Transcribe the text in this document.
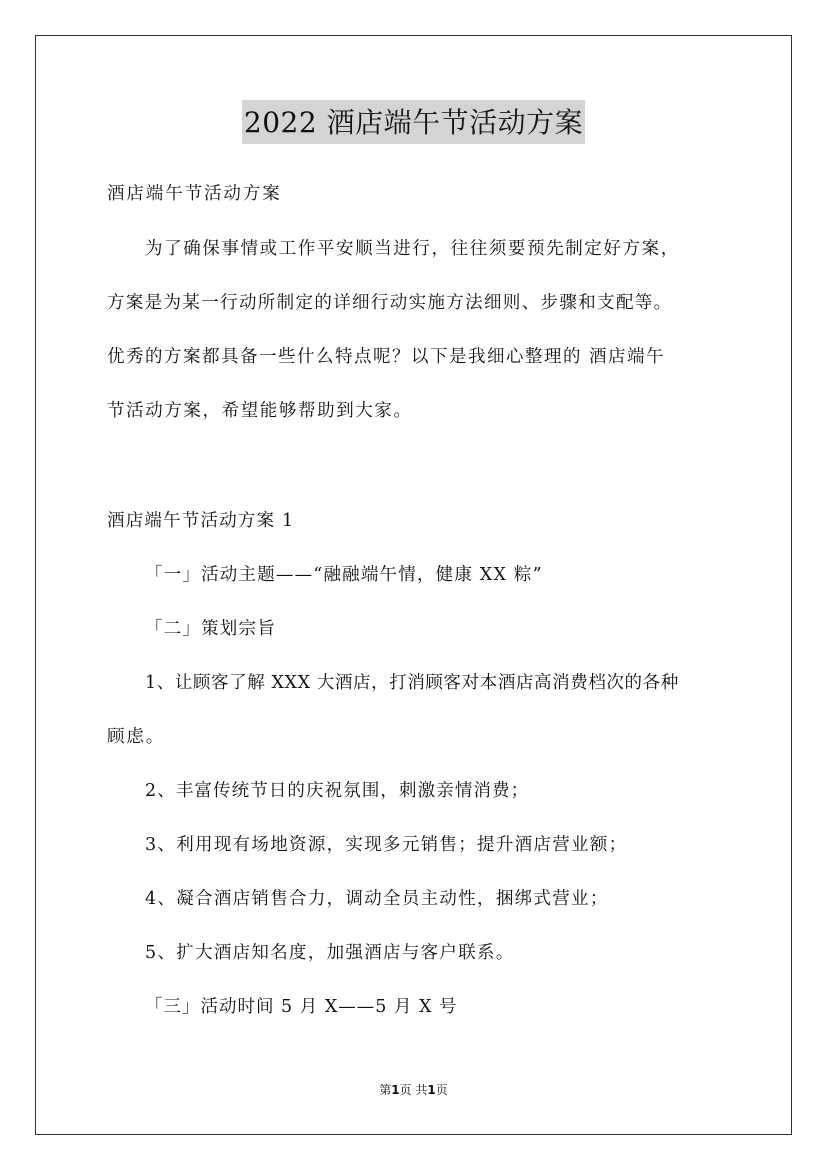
2022 酒店端午节活动方案
酒店端午节活动方案
为了确保事情或工作平安顺当进行，往往须要预先制定好方案，
方案是为某一行动所制定的详细行动实施方法细则、步骤和支配等。
优秀的方案都具备一些什么特点呢？以下是我细心整理的 酒店端午
节活动方案，希望能够帮助到大家。
酒店端午节活动方案 1
「一」活动主题——“融融端午情，健康 XX 粽”
「二」策划宗旨
1、让顾客了解 XXX 大酒店，打消顾客对本酒店高消费档次的各种
顾虑。
2、丰富传统节日的庆祝氛围，刺激亲情消费；
3、利用现有场地资源，实现多元销售；提升酒店营业额；
4、凝合酒店销售合力，调动全员主动性，捆绑式营业；
5、扩大酒店知名度，加强酒店与客户联系。
「三」活动时间 5 月 X——5 月 X 号
第1页 共1页
